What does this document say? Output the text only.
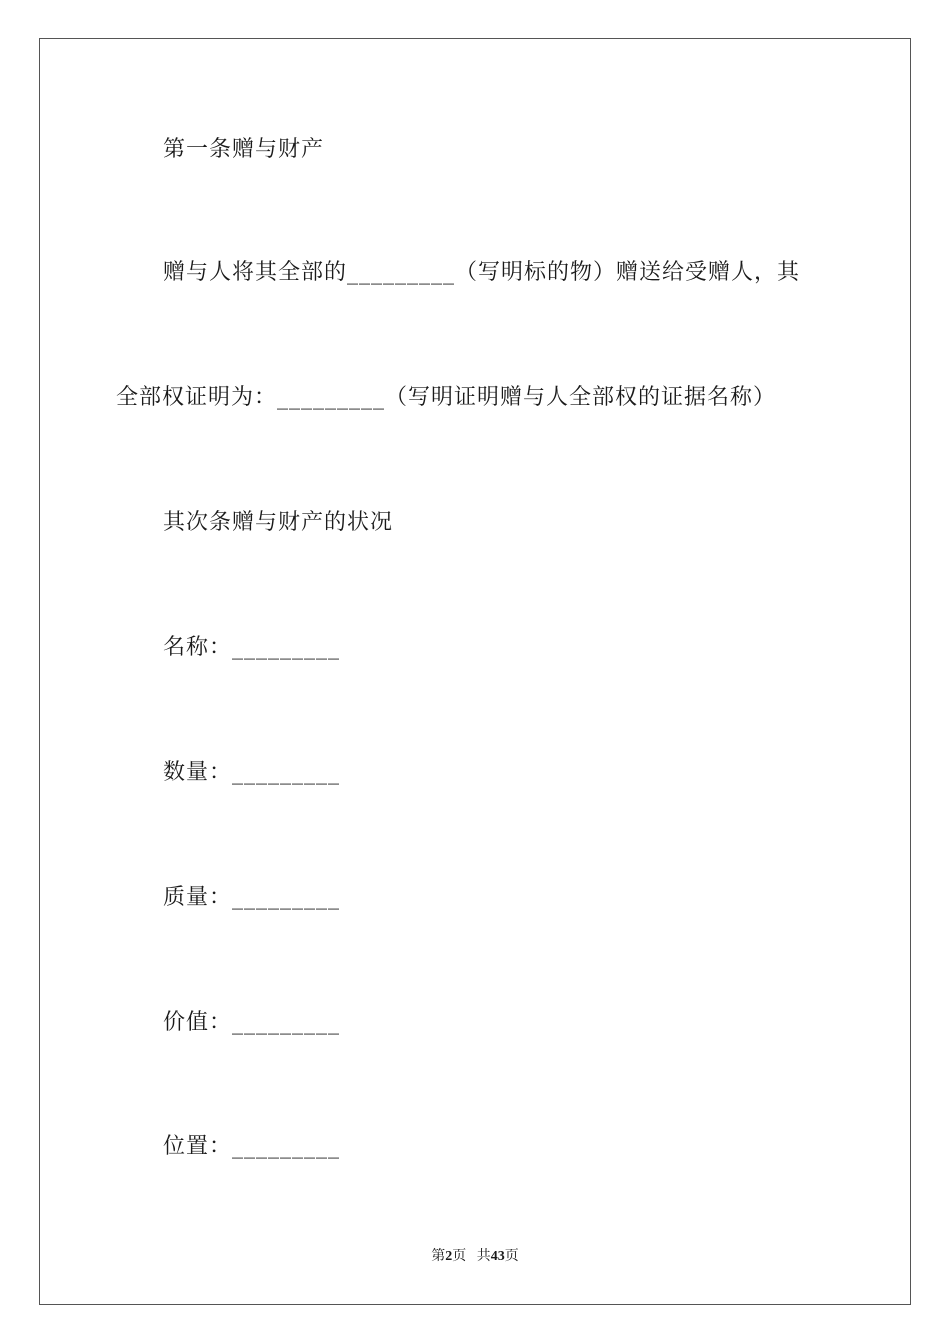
第一条赠与财产
赠与人将其全部的_________（写明标的物）赠送给受赠人，其
全部权证明为：_________（写明证明赠与人全部权的证据名称）
其次条赠与财产的状况
名称：_________
数量：_________
质量：_________
价值：_________
位置：_________
第2页 共43页
